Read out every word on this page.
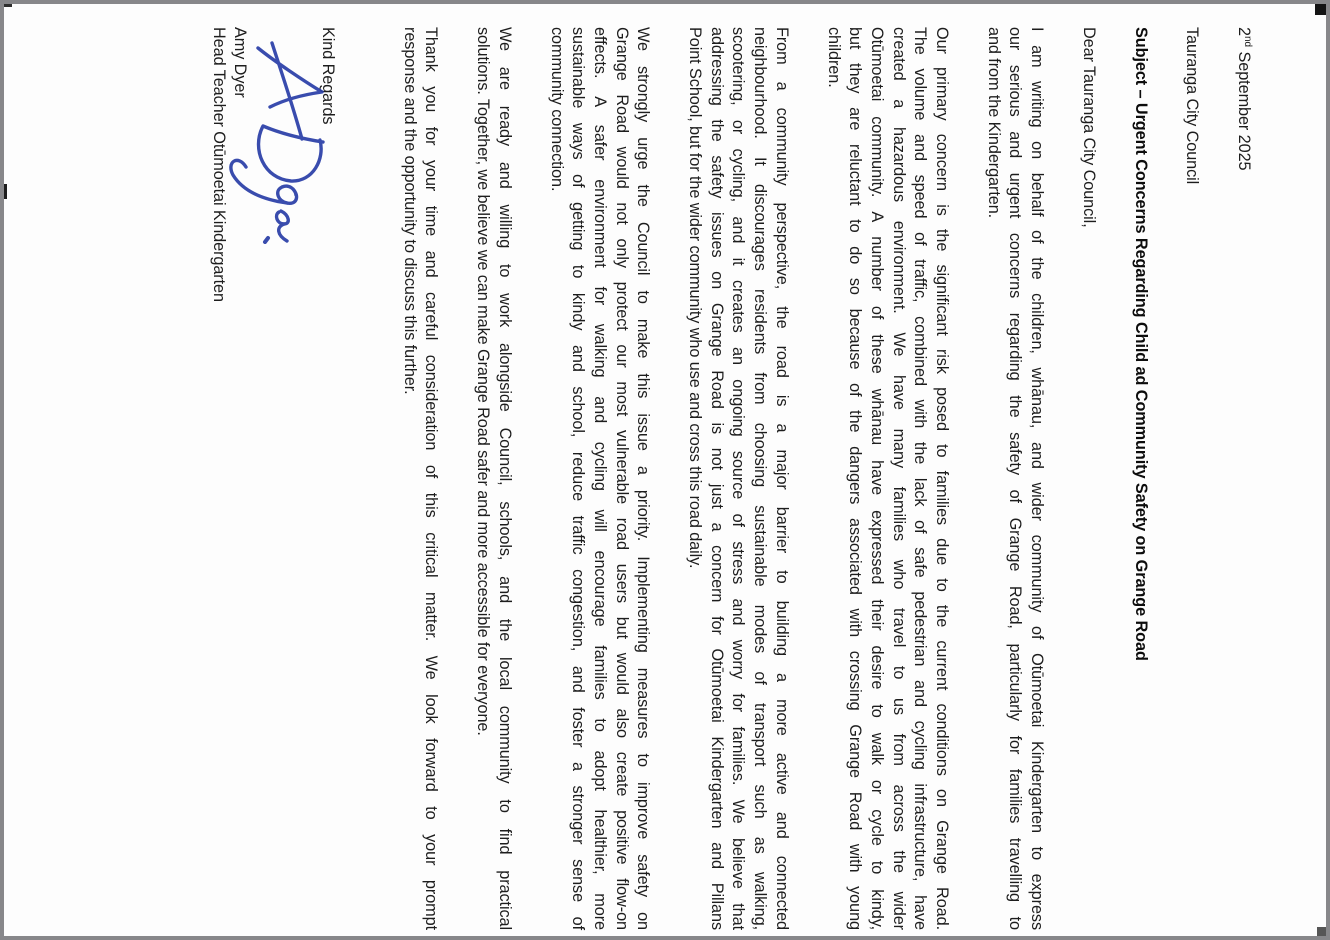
2nd September 2025
Tauranga City Council
Subject – Urgent Concerns Regarding Child ad Community Safety on Grange Road
Dear Tauranga City Council,
I am writing on behalf of the children, whānau, and wider community of Otūmoetai Kindergarten to express
our serious and urgent concerns regarding the safety of Grange Road, particularly for families travelling to
and from the Kindergarten.
Our primary concern is the significant risk posed to families due to the current conditions on Grange Road.
The volume and speed of traffic, combined with the lack of safe pedestrian and cycling infrastructure, have
created a hazardous environment. We have many families who travel to us from across the wider
Otūmoetai community. A number of these whānau have expressed their desire to walk or cycle to kindy,
but they are reluctant to do so because of the dangers associated with crossing Grange Road with young
children.
From a community perspective, the road is a major barrier to building a more active and connected
neighbourhood. It discourages residents from choosing sustainable modes of transport such as walking,
scootering, or cycling, and it creates an ongoing source of stress and worry for families. We believe that
addressing the safety issues on Grange Road is not just a concern for Otūmoetai Kindergarten and Pillans
Point School, but for the wider community who use and cross this road daily.
We strongly urge the Council to make this issue a priority. Implementing measures to improve safety on
Grange Road would not only protect our most vulnerable road users but would also create positive flow-on
effects. A safer environment for walking and cycling will encourage families to adopt healthier, more
sustainable ways of getting to kindy and school, reduce traffic congestion, and foster a stronger sense of
community connection.
We are ready and willing to work alongside Council, schools, and the local community to find practical
solutions. Together, we believe we can make Grange Road safer and more accessible for everyone.
Thank you for your time and careful consideration of this critical matter. We look forward to your prompt
response and the opportunity to discuss this further.
Kind Regards
Amy Dyer
Head Teacher Otūmoetai Kindergarten
